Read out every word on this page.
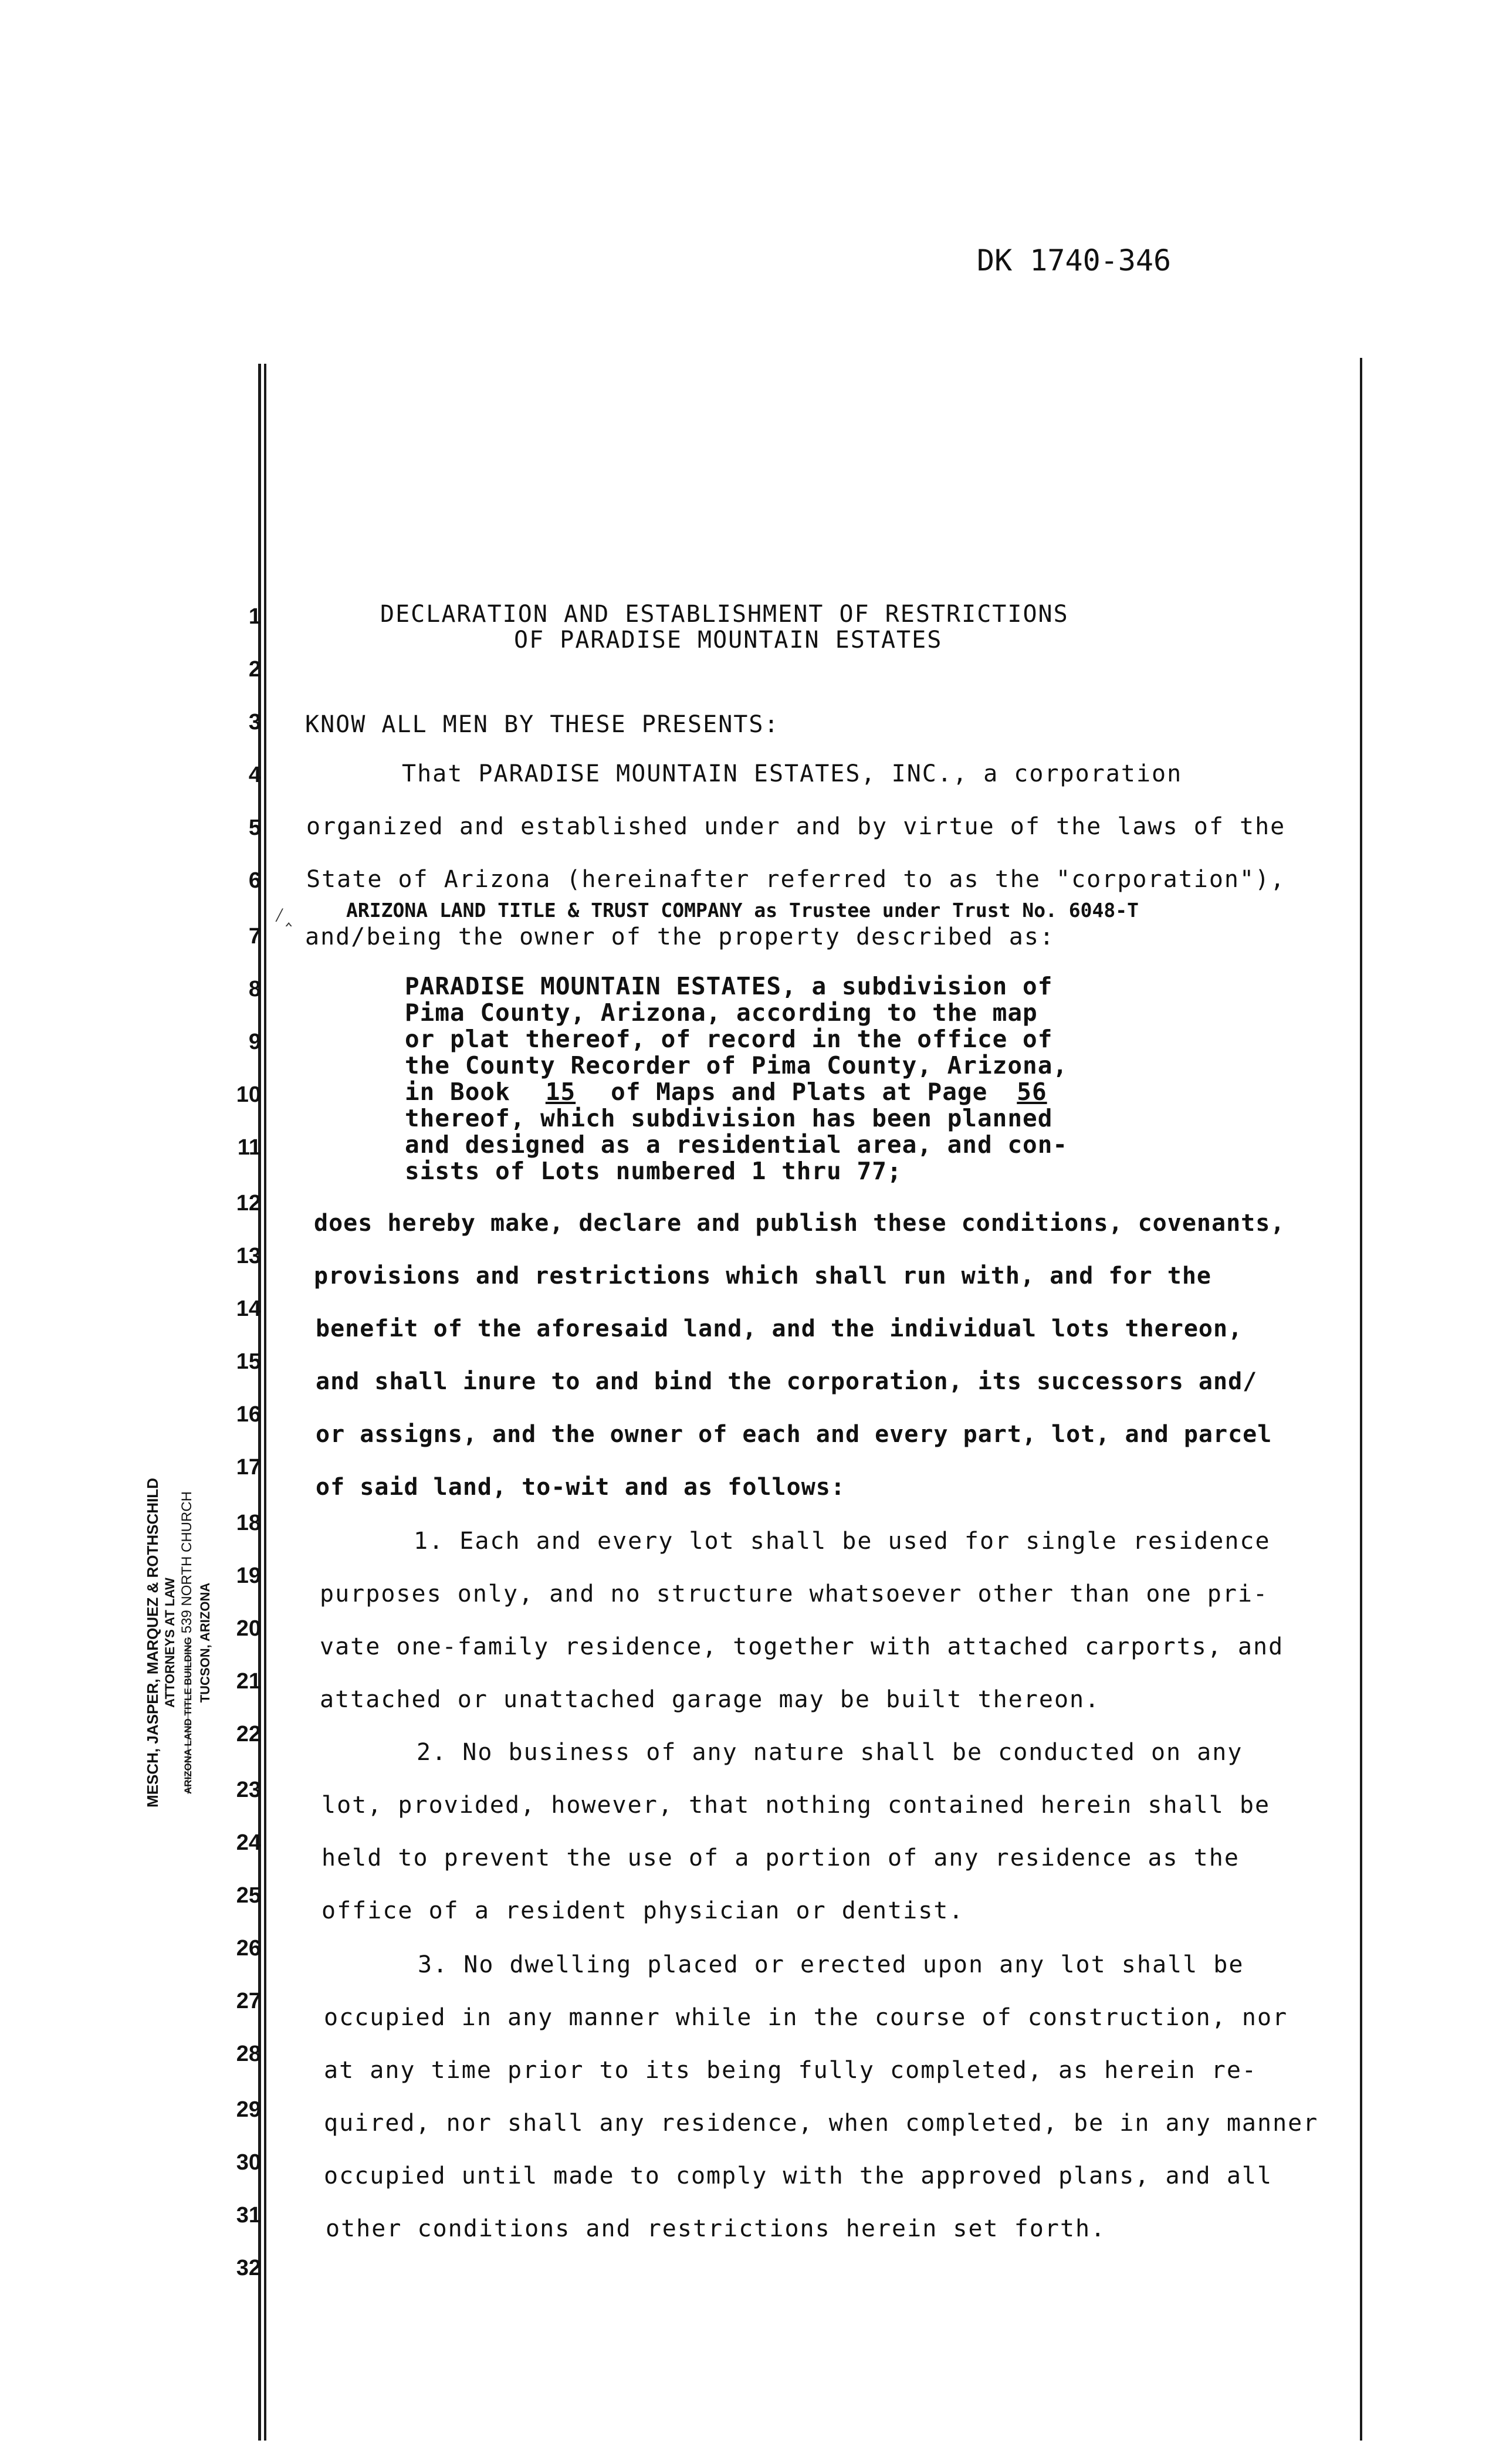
DK 1740-346
MESCH, JASPER, MARQUEZ & ROTHSCHILD ATTORNEYS AT LAW ARIZONA LAND TITLE BUILDING 539 NORTH CHURCH
TUCSON, ARIZONA
1
2
3
4
5
6
7
8
9
10
11
12
13
14
15
16
17
18
19
20
21
22
23
24
25
26
27
28
29
30
31
32
DECLARATION AND ESTABLISHMENT OF RESTRICTIONS
OF PARADISE MOUNTAIN ESTATES
KNOW ALL MEN BY THESE PRESENTS:
That PARADISE MOUNTAIN ESTATES, INC., a corporation
organized and established under and by virtue of the laws of the
State of Arizona (hereinafter referred to as the "corporation"),
ARIZONA LAND TITLE & TRUST COMPANY as Trustee under Trust No. 6048-T
⁄‸
and/being the owner of the property described as:
PARADISE MOUNTAIN ESTATES, a subdivision of
Pima County, Arizona, according to the map
or plat thereof, of record in the office of
the County Recorder of Pima County, Arizona,
in Book 15 of Maps and Plats at Page 56
thereof, which subdivision has been planned
and designed as a residential area, and con-
sists of Lots numbered 1 thru 77;
does hereby make, declare and publish these conditions, covenants,
provisions and restrictions which shall run with, and for the
benefit of the aforesaid land, and the individual lots thereon,
and shall inure to and bind the corporation, its successors and/
or assigns, and the owner of each and every part, lot, and parcel
of said land, to-wit and as follows:
1. Each and every lot shall be used for single residence
purposes only, and no structure whatsoever other than one pri-
vate one-family residence, together with attached carports, and
attached or unattached garage may be built thereon.
2. No business of any nature shall be conducted on any
lot, provided, however, that nothing contained herein shall be
held to prevent the use of a portion of any residence as the
office of a resident physician or dentist.
3. No dwelling placed or erected upon any lot shall be
occupied in any manner while in the course of construction, nor
at any time prior to its being fully completed, as herein re-
quired, nor shall any residence, when completed, be in any manner
occupied until made to comply with the approved plans, and all
other conditions and restrictions herein set forth.
